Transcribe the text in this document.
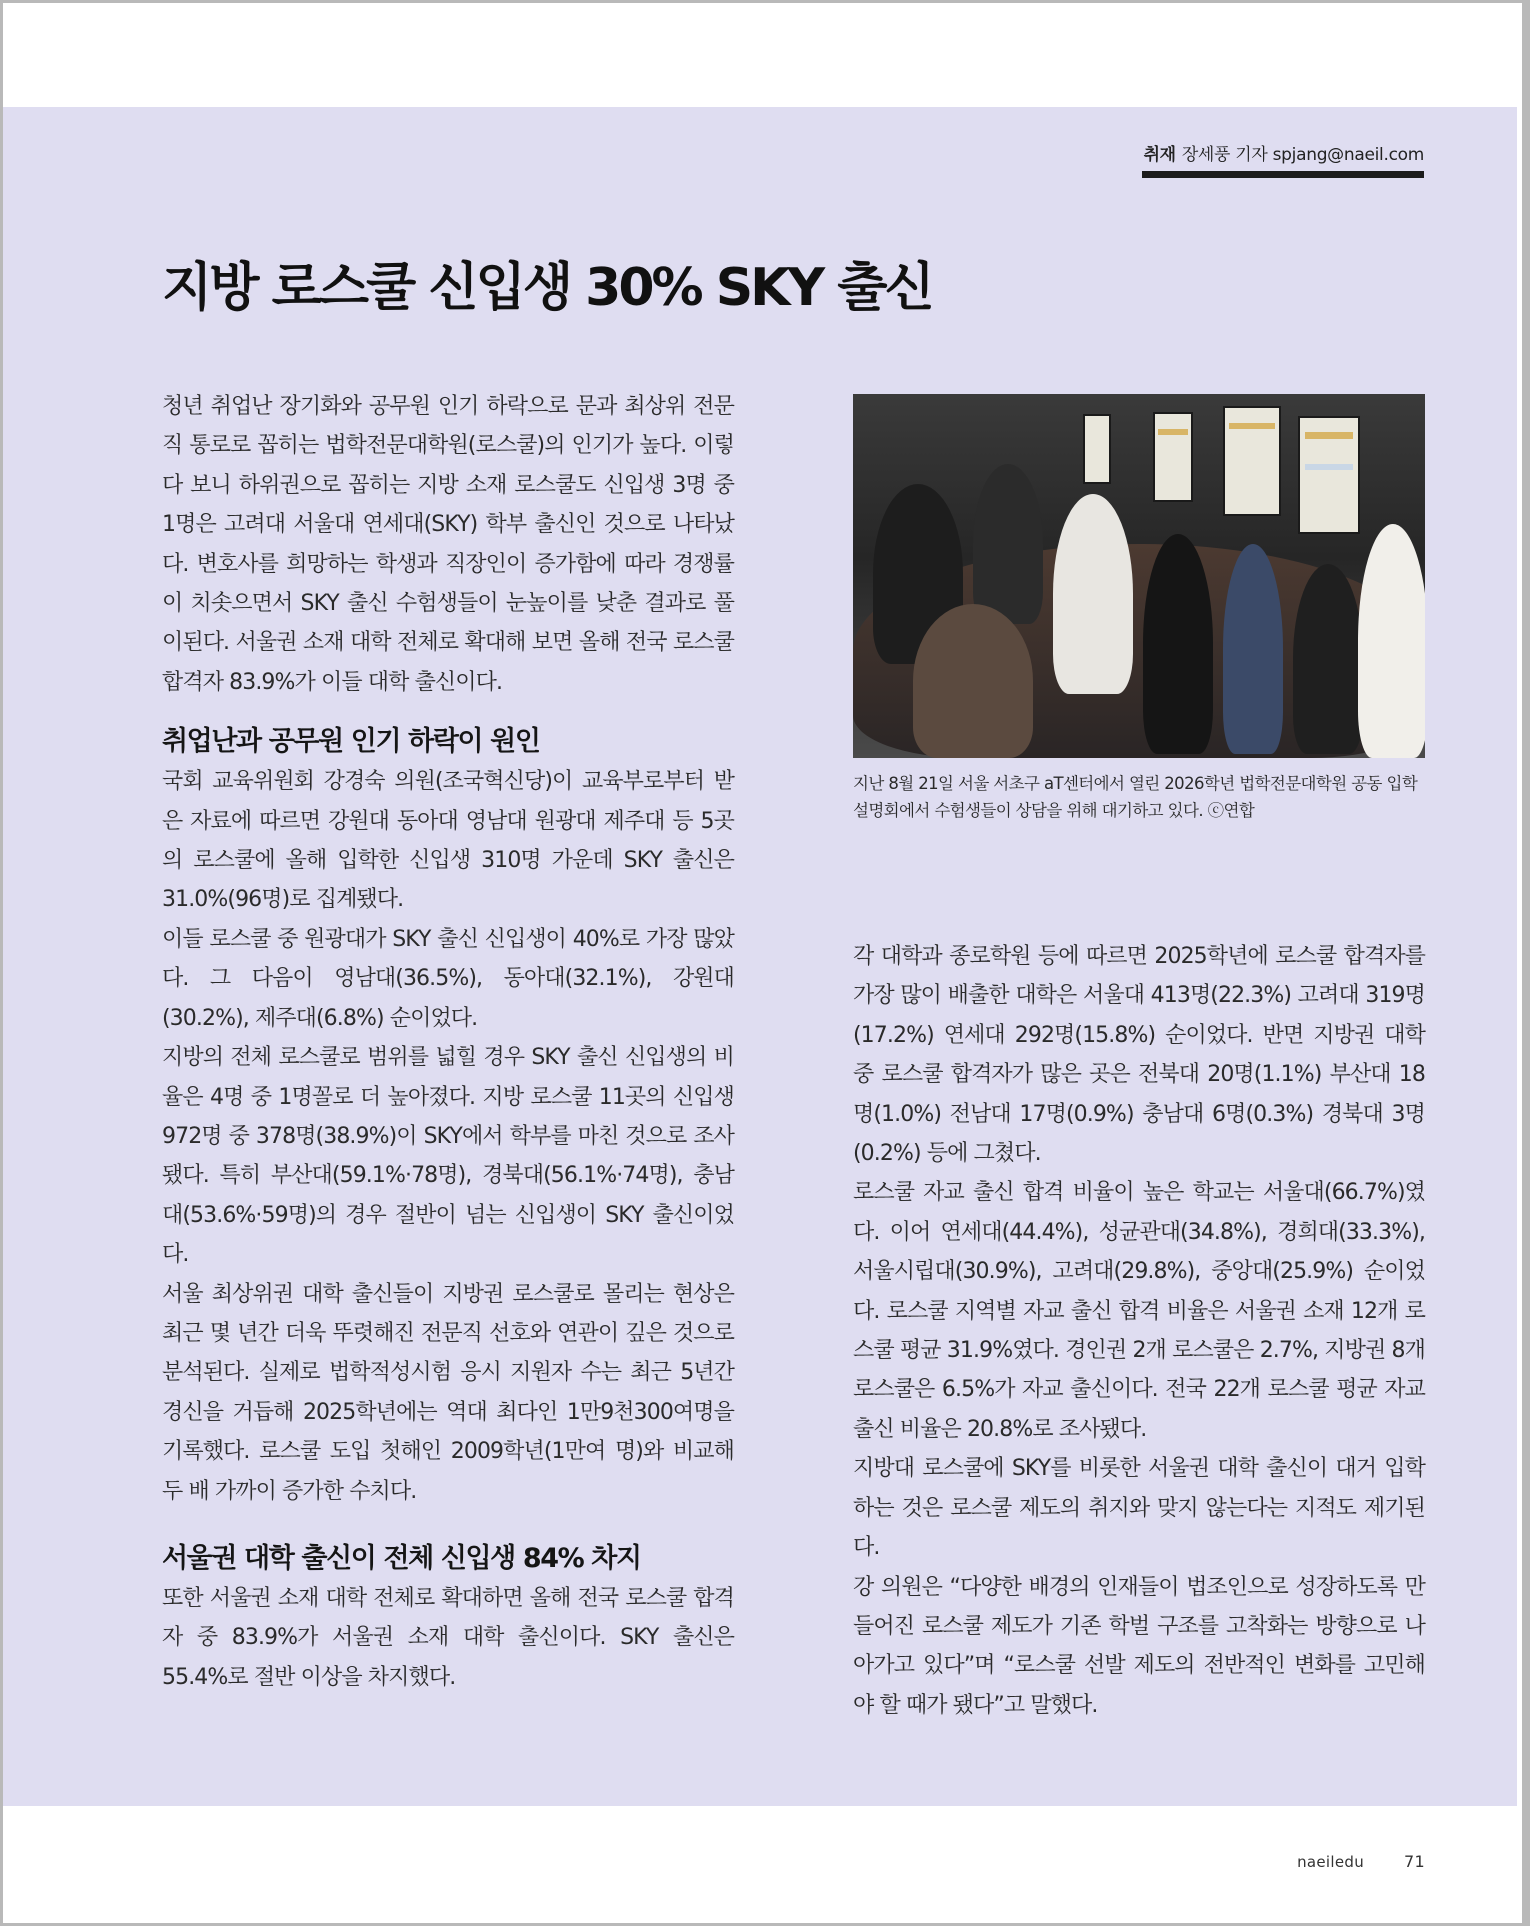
취재 장세풍 기자 spjang@naeil.com
지방 로스쿨 신입생 30% SKY 출신

청년 취업난 장기화와 공무원 인기 하락으로 문과 최상위 전문직 통로로 꼽히는 법학전문대학원(로스쿨)의 인기가 높다. 이렇다 보니 하위권으로 꼽히는 지방 소재 로스쿨도 신입생 3명 중 1명은 고려대 서울대 연세대(SKY) 학부 출신인 것으로 나타났다. 변호사를 희망하는 학생과 직장인이 증가함에 따라 경쟁률이 치솟으면서 SKY 출신 수험생들이 눈높이를 낮춘 결과로 풀이된다. 서울권 소재 대학 전체로 확대해 보면 올해 전국 로스쿨 합격자 83.9%가 이들 대학 출신이다.

취업난과 공무원 인기 하락이 원인

국회 교육위원회 강경숙 의원(조국혁신당)이 교육부로부터 받은 자료에 따르면 강원대 동아대 영남대 원광대 제주대 등 5곳의 로스쿨에 올해 입학한 신입생 310명 가운데 SKY 출신은 31.0%(96명)로 집계됐다.

이들 로스쿨 중 원광대가 SKY 출신 신입생이 40%로 가장 많았다. 그 다음이 영남대(36.5%), 동아대(32.1%), 강원대(30.2%), 제주대(6.8%) 순이었다.

지방의 전체 로스쿨로 범위를 넓힐 경우 SKY 출신 신입생의 비율은 4명 중 1명꼴로 더 높아졌다. 지방 로스쿨 11곳의 신입생 972명 중 378명(38.9%)이 SKY에서 학부를 마친 것으로 조사됐다. 특히 부산대(59.1%·78명), 경북대(56.1%·74명), 충남대(53.6%·59명)의 경우 절반이 넘는 신입생이 SKY 출신이었다.

서울 최상위권 대학 출신들이 지방권 로스쿨로 몰리는 현상은 최근 몇 년간 더욱 뚜렷해진 전문직 선호와 연관이 깊은 것으로 분석된다. 실제로 법학적성시험 응시 지원자 수는 최근 5년간 경신을 거듭해 2025학년에는 역대 최다인 1만9천300여명을 기록했다. 로스쿨 도입 첫해인 2009학년(1만여 명)와 비교해 두 배 가까이 증가한 수치다.

서울권 대학 출신이 전체 신입생 84% 차지

또한 서울권 소재 대학 전체로 확대하면 올해 전국 로스쿨 합격자 중 83.9%가 서울권 소재 대학 출신이다. SKY 출신은 55.4%로 절반 이상을 차지했다.

지난 8월 21일 서울 서초구 aT센터에서 열린 2026학년 법학전문대학원 공동 입학 설명회에서 수험생들이 상담을 위해 대기하고 있다. ⓒ연합

각 대학과 종로학원 등에 따르면 2025학년에 로스쿨 합격자를 가장 많이 배출한 대학은 서울대 413명(22.3%) 고려대 319명(17.2%) 연세대 292명(15.8%) 순이었다. 반면 지방권 대학 중 로스쿨 합격자가 많은 곳은 전북대 20명(1.1%) 부산대 18명(1.0%) 전남대 17명(0.9%) 충남대 6명(0.3%) 경북대 3명(0.2%) 등에 그쳤다.

로스쿨 자교 출신 합격 비율이 높은 학교는 서울대(66.7%)였다. 이어 연세대(44.4%), 성균관대(34.8%), 경희대(33.3%), 서울시립대(30.9%), 고려대(29.8%), 중앙대(25.9%) 순이었다. 로스쿨 지역별 자교 출신 합격 비율은 서울권 소재 12개 로스쿨 평균 31.9%였다. 경인권 2개 로스쿨은 2.7%, 지방권 8개 로스쿨은 6.5%가 자교 출신이다. 전국 22개 로스쿨 평균 자교 출신 비율은 20.8%로 조사됐다.

지방대 로스쿨에 SKY를 비롯한 서울권 대학 출신이 대거 입학하는 것은 로스쿨 제도의 취지와 맞지 않는다는 지적도 제기된다.

강 의원은 “다양한 배경의 인재들이 법조인으로 성장하도록 만들어진 로스쿨 제도가 기존 학벌 구조를 고착화는 방향으로 나아가고 있다”며 “로스쿨 선발 제도의 전반적인 변화를 고민해야 할 때가 됐다”고 말했다.

naeiledu	71
